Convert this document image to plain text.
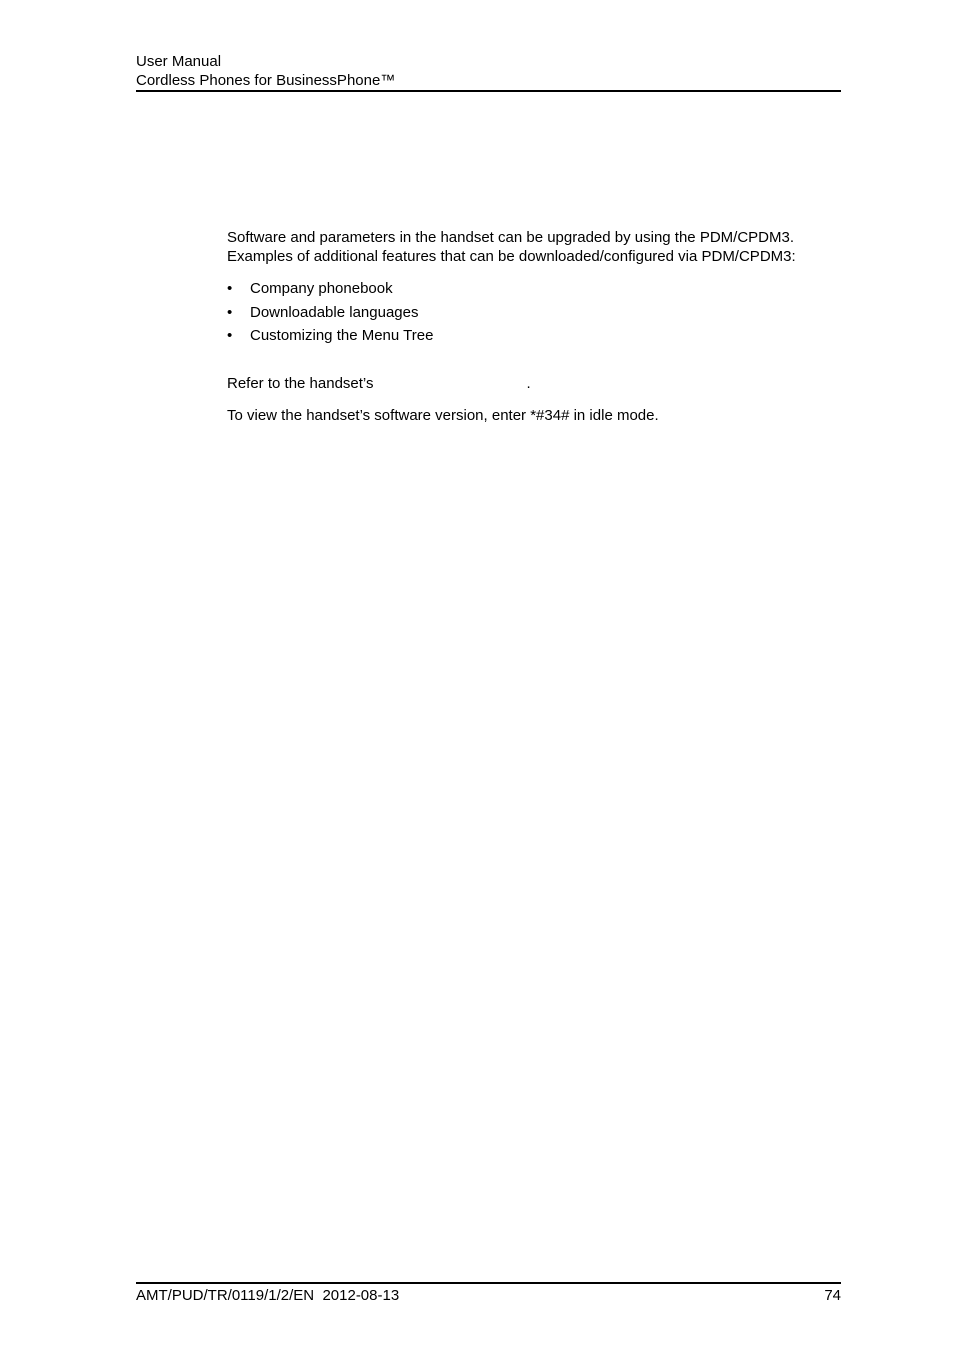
User Manual
Cordless Phones for BusinessPhone™

Software and parameters in the handset can be upgraded by using the PDM/CPDM3.

Examples of additional features that can be downloaded/configured via PDM/CPDM3:

• Company phonebook
• Downloadable languages
• Customizing the Menu Tree

Refer to the handset’s	.

To view the handset’s software version, enter *#34# in idle mode.

AMT/PUD/TR/0119/1/2/EN  2012-08-13	74
